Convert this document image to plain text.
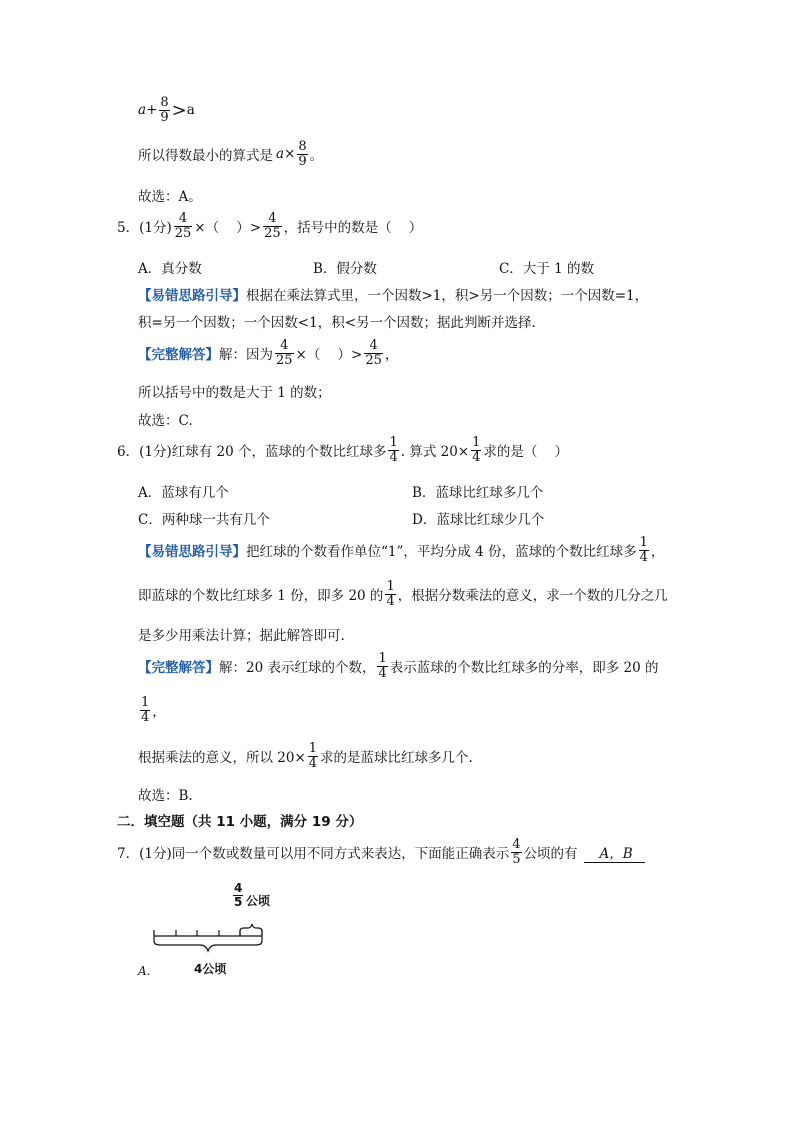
$a + \frac{8}{9} > a$
所以得数最小的算式是 $a \times \frac{8}{9}$ 。
故选：A。
5．(1分) $\frac{4}{25}$ ×（    ）> $\frac{4}{25}$ ，括号中的数是（    ）
A．真分数	B．假分数	C．大于 1 的数
【易错思路引导】 根据在乘法算式里，一个因数>1，积>另一个因数；一个因数=1，
积=另一个因数；一个因数<1，积<另一个因数；据此判断并选择.
【完整解答】 解：因为 $\frac{4}{25}$ ×（    ）> $\frac{4}{25}$ ，
所以括号中的数是大于 1 的数；
故选：C.
6．(1分) 红球有 20 个，蓝球的个数比红球多 $\frac{1}{4}$ . 算式 $20\times \frac{1}{4}$ 求的是（    ）
A．蓝球有几个	B．蓝球比红球多几个
C．两种球一共有几个	D．蓝球比红球少几个
【易错思路引导】 把红球的个数看作单位“1”，平均分成 4 份，蓝球的个数比红球多 $\frac{1}{4}$ ，
即蓝球的个数比红球多 1 份，即多 20 的 $\frac{1}{4}$ ，根据分数乘法的意义，求一个数的几分之几
是多少用乘法计算；据此解答即可.
【完整解答】 解：20 表示红球的个数， $\frac{1}{4}$ 表示蓝球的个数比红球多的分率，即多 20 的
$\frac{1}{4}$ ，
根据乘法的意义，所以 $20\times \frac{1}{4}$ 求的是蓝球比红球多几个.
故选：B.
二．填空题（共 11 小题，满分 19 分）
7．(1分) 同一个数或数量可以用不同方式来表达，下面能正确表示 $\frac{4}{5}$ 公顷的有	A，B
$\frac{4}{5}$ 公顷
4公顷
A.
